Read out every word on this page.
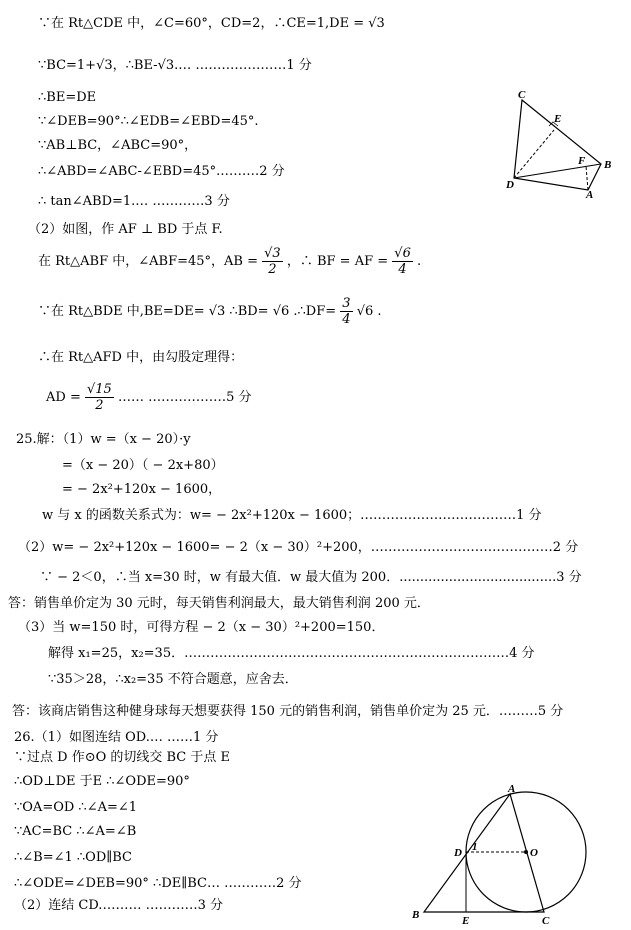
∵在 Rt△CDE 中，∠C=60°，CD=2，∴CE=1,DE = √3
∵BC=1+√3，∴BE-√3.… …………………1 分
∴BE=DE
∵∠DEB=90°∴∠EDB=∠EBD=45°.
∵AB⊥BC，∠ABC=90°，
∴∠ABD=∠ABC-∠EBD=45°.………2 分
∴ tan∠ABD=1.… …………3 分
（2）如图，作 AF ⊥ BD 于点 F.
在 Rt△ABF 中，∠ABF=45°，AB = $\frac{√3}{2}$ ，∴ BF = AF = $\frac{√6}{4}$ .
∵在 Rt△BDE 中,BE=DE= √3 ∴BD= √6 .∴DF= $\frac{3}{4} √6$ .
∴在 Rt△AFD 中，由勾股定理得：
AD = $\frac{√15}{2}$ …… ………………5 分
25.解：（1）w =（x − 20）·y
=（x − 20）（ − 2x+80）
= − 2x²+120x − 1600，
w 与 x 的函数关系式为：w= − 2x²+120x − 1600；………………………………1 分
（2）w= − 2x²+120x − 1600= − 2（x − 30）²+200，……………………………………2 分
∵ − 2＜0，∴当 x=30 时，w 有最大值．w 最大值为 200．......................................3 分
答：销售单价定为 30 元时，每天销售利润最大，最大销售利润 200 元．
（3）当 w=150 时，可得方程 − 2（x − 30）²+200=150．
解得 x₁=25，x₂=35．…………………………………………………………………4 分
∵35＞28，∴x₂=35 不符合题意，应舍去．
答：该商店销售这种健身球每天想要获得 150 元的销售利润，销售单价定为 25 元．………5 分
26.（1）如图连结 OD.… ……1 分
∵过点 D 作⊙O 的切线交 BC 于点 E
∴OD⊥DE 于E ∴∠ODE=90°
∵OA=OD ∴∠A=∠1
∵AC=BC ∴∠A=∠B
∴∠B=∠1 ∴OD∥BC
∴∠ODE=∠DEB=90° ∴DE∥BC… …………2 分
（2）连结 CD.……… …………3 分
C
E
F B
D
A
A
D 1	O
B	E	C
